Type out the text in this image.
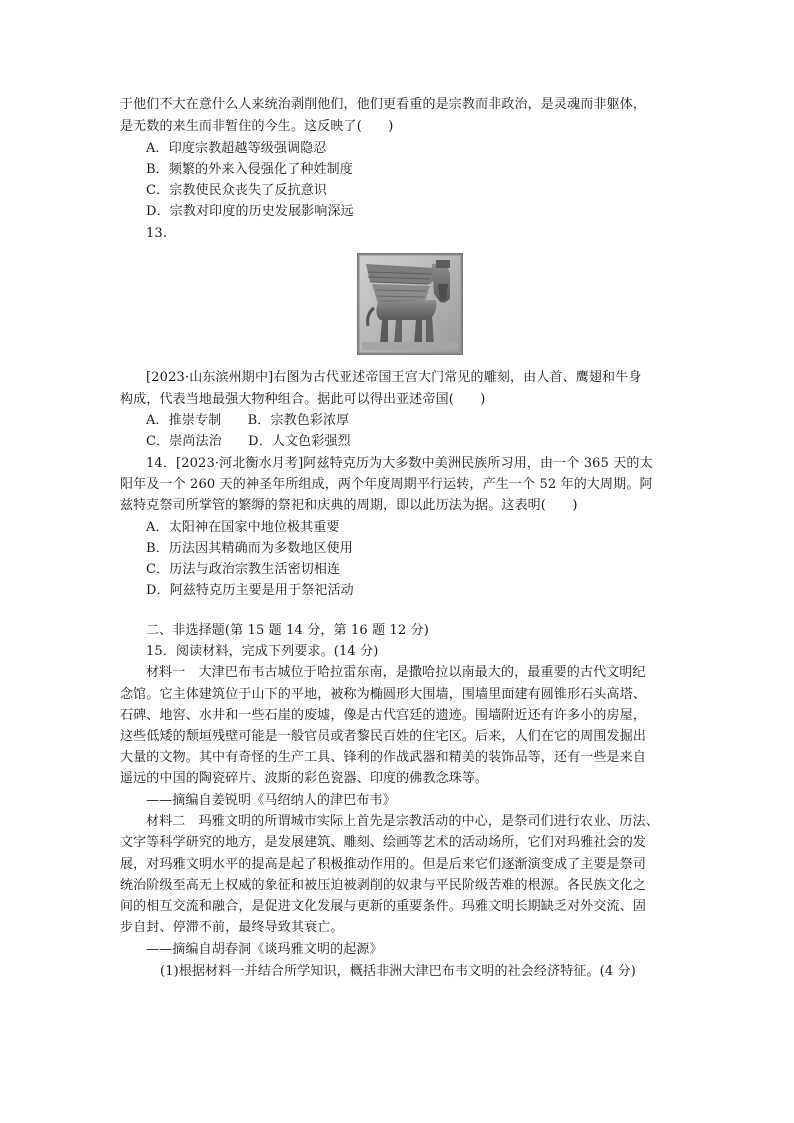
于他们不大在意什么人来统治剥削他们，他们更看重的是宗教而非政治，是灵魂而非躯体，
是无数的来生而非暂住的今生。这反映了(　　)
A．印度宗教超越等级强调隐忍
B．频繁的外来入侵强化了种姓制度
C．宗教使民众丧失了反抗意识
D．宗教对印度的历史发展影响深远
13.
[2023·山东滨州期中]右图为古代亚述帝国王宫大门常见的雕刻，由人首、鹰翅和牛身
构成，代表当地最强大物种组合。据此可以得出亚述帝国(　　)
A．推崇专制　　B．宗教色彩浓厚
C．崇尚法治　　D．人文色彩强烈
14．[2023·河北衡水月考]阿兹特克历为大多数中美洲民族所习用，由一个 365 天的太
阳年及一个 260 天的神圣年所组成，两个年度周期平行运转，产生一个 52 年的大周期。阿
兹特克祭司所掌管的繁缛的祭祀和庆典的周期，即以此历法为据。这表明(　　)
A．太阳神在国家中地位极其重要
B．历法因其精确而为多数地区使用
C．历法与政治宗教生活密切相连
D．阿兹特克历主要是用于祭祀活动
二、非选择题(第 15 题 14 分，第 16 题 12 分)
15．阅读材料，完成下列要求。(14 分)
材料一　大津巴布韦古城位于哈拉雷东南，是撒哈拉以南最大的，最重要的古代文明纪
念馆。它主体建筑位于山下的平地，被称为椭圆形大围墙，围墙里面建有圆锥形石头高塔、
石碑、地窖、水井和一些石崖的废墟，像是古代宫廷的遗迹。围墙附近还有许多小的房屋，
这些低矮的颓垣残壁可能是一般官员或者黎民百姓的住宅区。后来，人们在它的周围发掘出
大量的文物。其中有奇怪的生产工具、锋利的作战武器和精美的装饰品等，还有一些是来自
遥远的中国的陶瓷碎片、波斯的彩色瓷器、印度的佛教念珠等。
——摘编自姜锐明《马绍纳人的津巴布韦》
材料二　玛雅文明的所谓城市实际上首先是宗教活动的中心，是祭司们进行农业、历法、
文字等科学研究的地方，是发展建筑、雕刻、绘画等艺术的活动场所，它们对玛雅社会的发
展，对玛雅文明水平的提高是起了积极推动作用的。但是后来它们逐渐演变成了主要是祭司
统治阶级至高无上权威的象征和被压迫被剥削的奴隶与平民阶级苦难的根源。各民族文化之
间的相互交流和融合，是促进文化发展与更新的重要条件。玛雅文明长期缺乏对外交流、固
步自封、停滞不前，最终导致其衰亡。
——摘编自胡春洞《谈玛雅文明的起源》
(1)根据材料一并结合所学知识，概括非洲大津巴布韦文明的社会经济特征。(4 分)
